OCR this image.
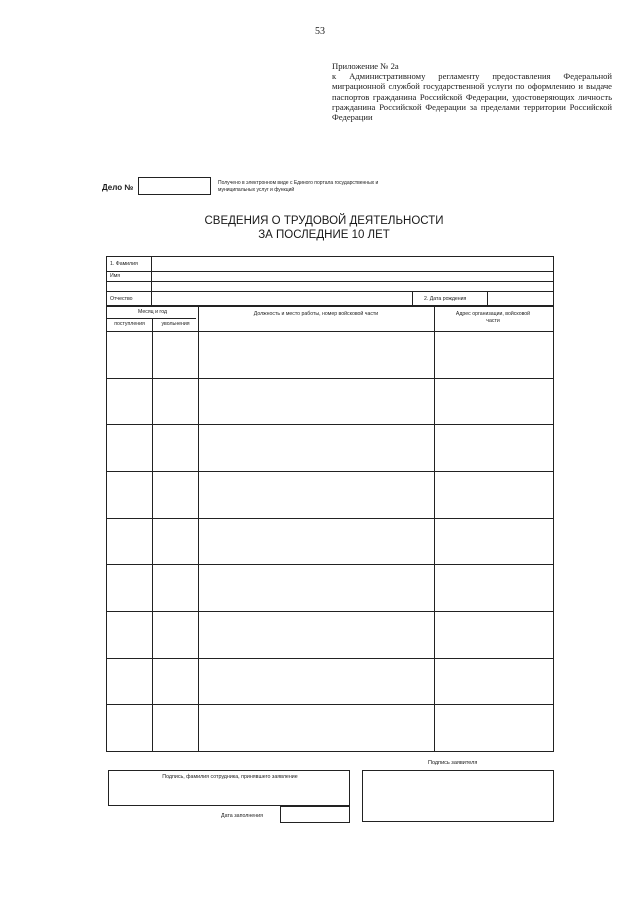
53
Приложение № 2а
к Административному регламенту предоставления Федеральной миграционной службой государственной услуги по оформлению и выдаче паспортов гражданина Российской Федерации, удостоверяющих личность гражданина Российской Федерации за пределами территории Российской Федерации
Дело №	Получено в электронном виде с Единого портала государственных и муниципальных услуг и функций
СВЕДЕНИЯ О ТРУДОВОЙ ДЕЯТЕЛЬНОСТИ
ЗА ПОСЛЕДНИЕ 10 ЛЕТ
1. Фамилия
Имя
Отчество	2. Дата рождения
Месяц и год
поступления	увольнения
Должность и место работы, номер войсковой части	Адрес организации, войсковой части
Подпись заявителя
Подпись, фамилия сотрудника, принявшего заявление
Дата заполнения
